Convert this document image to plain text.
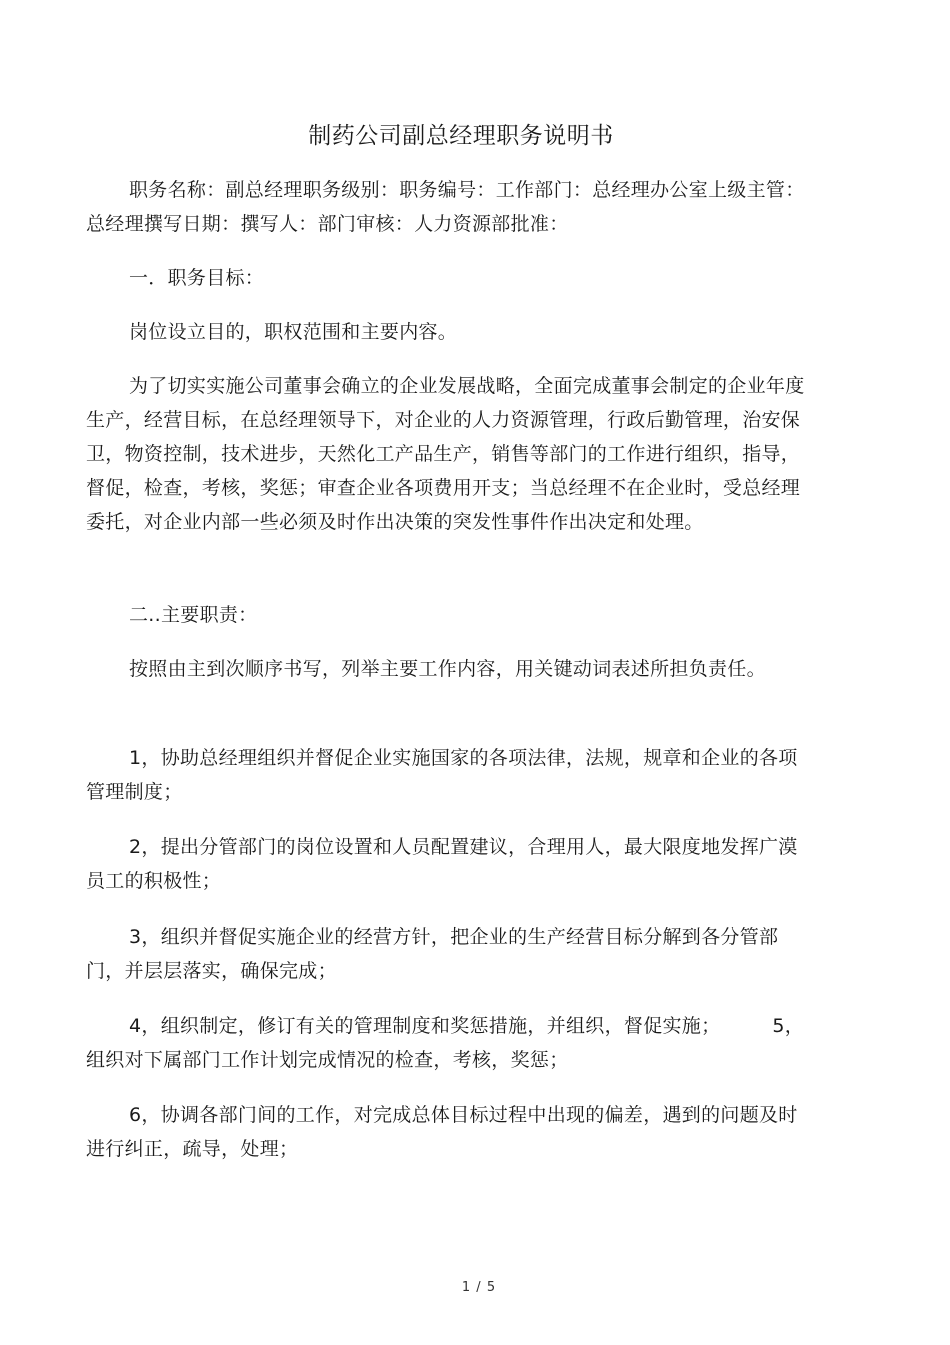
制药公司副总经理职务说明书

职务名称：副总经理职务级别：职务编号：工作部门：总经理办公室上级主管：总经理撰写日期：撰写人：部门审核：人力资源部批准：

一．职务目标：

岗位设立目的，职权范围和主要内容。

为了切实实施公司董事会确立的企业发展战略，全面完成董事会制定的企业年度生产，经营目标，在总经理领导下，对企业的人力资源管理，行政后勤管理，治安保卫，物资控制，技术进步，天然化工产品生产，销售等部门的工作进行组织，指导，督促，检查，考核，奖惩；审查企业各项费用开支；当总经理不在企业时，受总经理委托，对企业内部一些必须及时作出决策的突发性事件作出决定和处理。

二..主要职责：

按照由主到次顺序书写，列举主要工作内容，用关键动词表述所担负责任。

1，协助总经理组织并督促企业实施国家的各项法律，法规，规章和企业的各项管理制度；

2，提出分管部门的岗位设置和人员配置建议，合理用人，最大限度地发挥广漠员工的积极性；

3，组织并督促实施企业的经营方针，把企业的生产经营目标分解到各分管部门，并层层落实，确保完成；

4，组织制定，修订有关的管理制度和奖惩措施，并组织，督促实施；	5，组织对下属部门工作计划完成情况的检查，考核，奖惩；

6，协调各部门间的工作，对完成总体目标过程中出现的偏差，遇到的问题及时进行纠正，疏导，处理；

1 / 5
